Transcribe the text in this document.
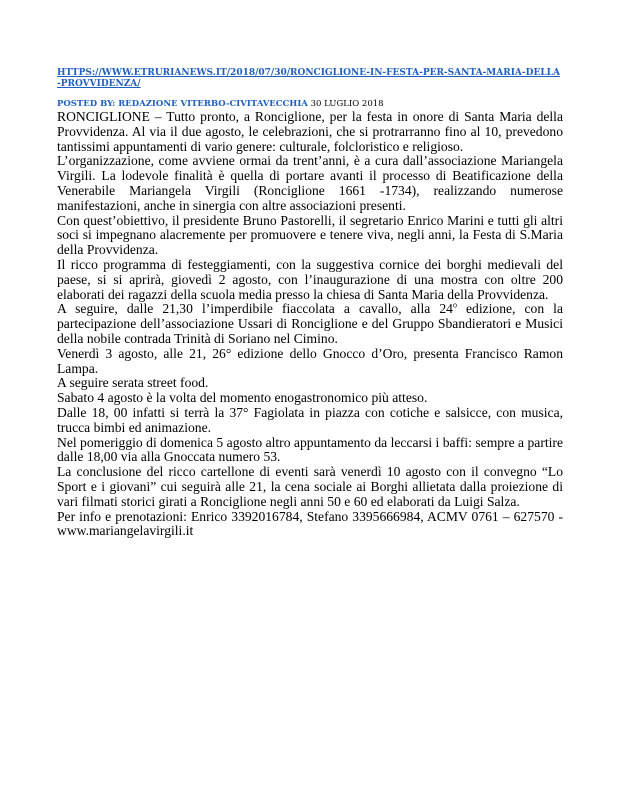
HTTPS://WWW.ETRURIANEWS.IT/2018/07/30/RONCIGLIONE-IN-FESTA-PER-SANTA-MARIA-DELLA-PROVVIDENZA/
POSTED BY: REDAZIONE VITERBO-CIVITAVECCHIA 30 LUGLIO 2018

RONCIGLIONE – Tutto pronto, a Ronciglione, per la festa in onore di Santa Maria della Provvidenza. Al via il due agosto, le celebrazioni, che si protrarranno fino al 10, prevedono tantissimi appuntamenti di vario genere: culturale, folcloristico e religioso.

L’organizzazione, come avviene ormai da trent’anni, è a cura dall’associazione Mariangela Virgili. La lodevole finalità è quella di portare avanti il processo di Beatificazione della Venerabile Mariangela Virgili (Ronciglione 1661 -1734), realizzando numerose manifestazioni, anche in sinergia con altre associazioni presenti.

Con quest’obiettivo, il presidente Bruno Pastorelli, il segretario Enrico Marini e tutti gli altri soci si impegnano alacremente per promuovere e tenere viva, negli anni, la Festa di S.Maria della Provvidenza.

Il ricco programma di festeggiamenti, con la suggestiva cornice dei borghi medievali del paese, si si aprirà, giovedì 2 agosto, con l’inaugurazione di una mostra con oltre 200 elaborati dei ragazzi della scuola media presso la chiesa di Santa Maria della Provvidenza.

A seguire, dalle 21,30 l’imperdibile fiaccolata a cavallo, alla 24$^o$ edizione, con la partecipazione dell’associazione Ussari di Ronciglione e del Gruppo Sbandieratori e Musici della nobile contrada Trinità di Soriano nel Cimino.

Venerdì 3 agosto, alle 21, 26° edizione dello Gnocco d’Oro, presenta Francisco Ramon Lampa.

A seguire serata street food.

Sabato 4 agosto è la volta del momento enogastronomico più atteso.

Dalle 18, 00 infatti si terrà la 37° Fagiolata in piazza con cotiche e salsicce, con musica, trucca bimbi ed animazione.

Nel pomeriggio di domenica 5 agosto altro appuntamento da leccarsi i baffi: sempre a partire dalle 18,00 via alla Gnoccata numero 53.

La conclusione del ricco cartellone di eventi sarà venerdì 10 agosto con il convegno “Lo Sport e i giovani” cui seguirà alle 21, la cena sociale ai Borghi allietata dalla proiezione di vari filmati storici girati a Ronciglione negli anni 50 e 60 ed elaborati da Luigi Salza.

Per info e prenotazioni: Enrico 3392016784, Stefano 3395666984, ACMV 0761 – 627570 - www.mariangelavirgili.it
